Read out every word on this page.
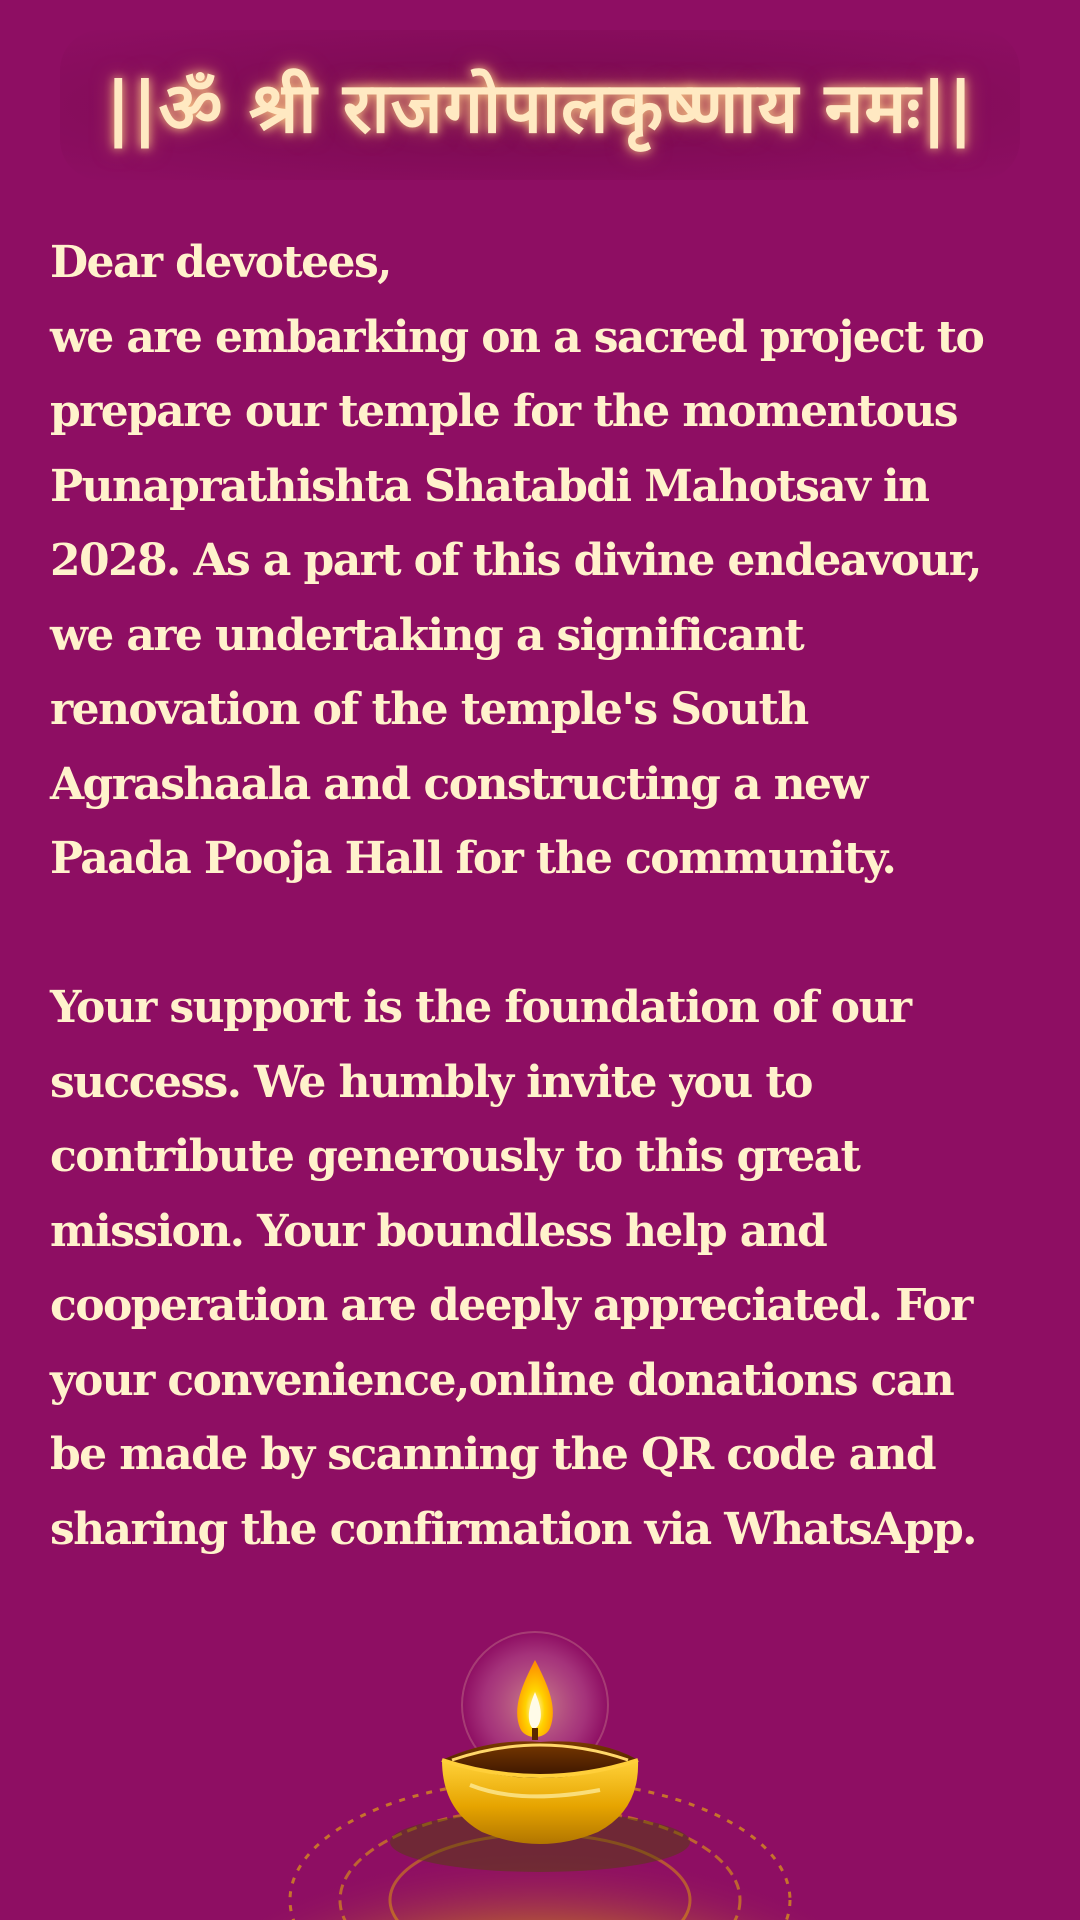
||ॐ श्री राजगोपालकृष्णाय नमः||

Dear devotees,

we are embarking on a sacred project to

prepare our temple for the momentous

Punaprathishta Shatabdi Mahotsav in

2028. As a part of this divine endeavour,

we are undertaking a significant

renovation of the temple's South

Agrashaala and constructing a new

Paada Pooja Hall for the community.

Your support is the foundation of our

success. We humbly invite you to

contribute generously to this great

mission. Your boundless help and

cooperation are deeply appreciated. For

your convenience,online donations can

be made by scanning the QR code and

sharing the confirmation via WhatsApp.
